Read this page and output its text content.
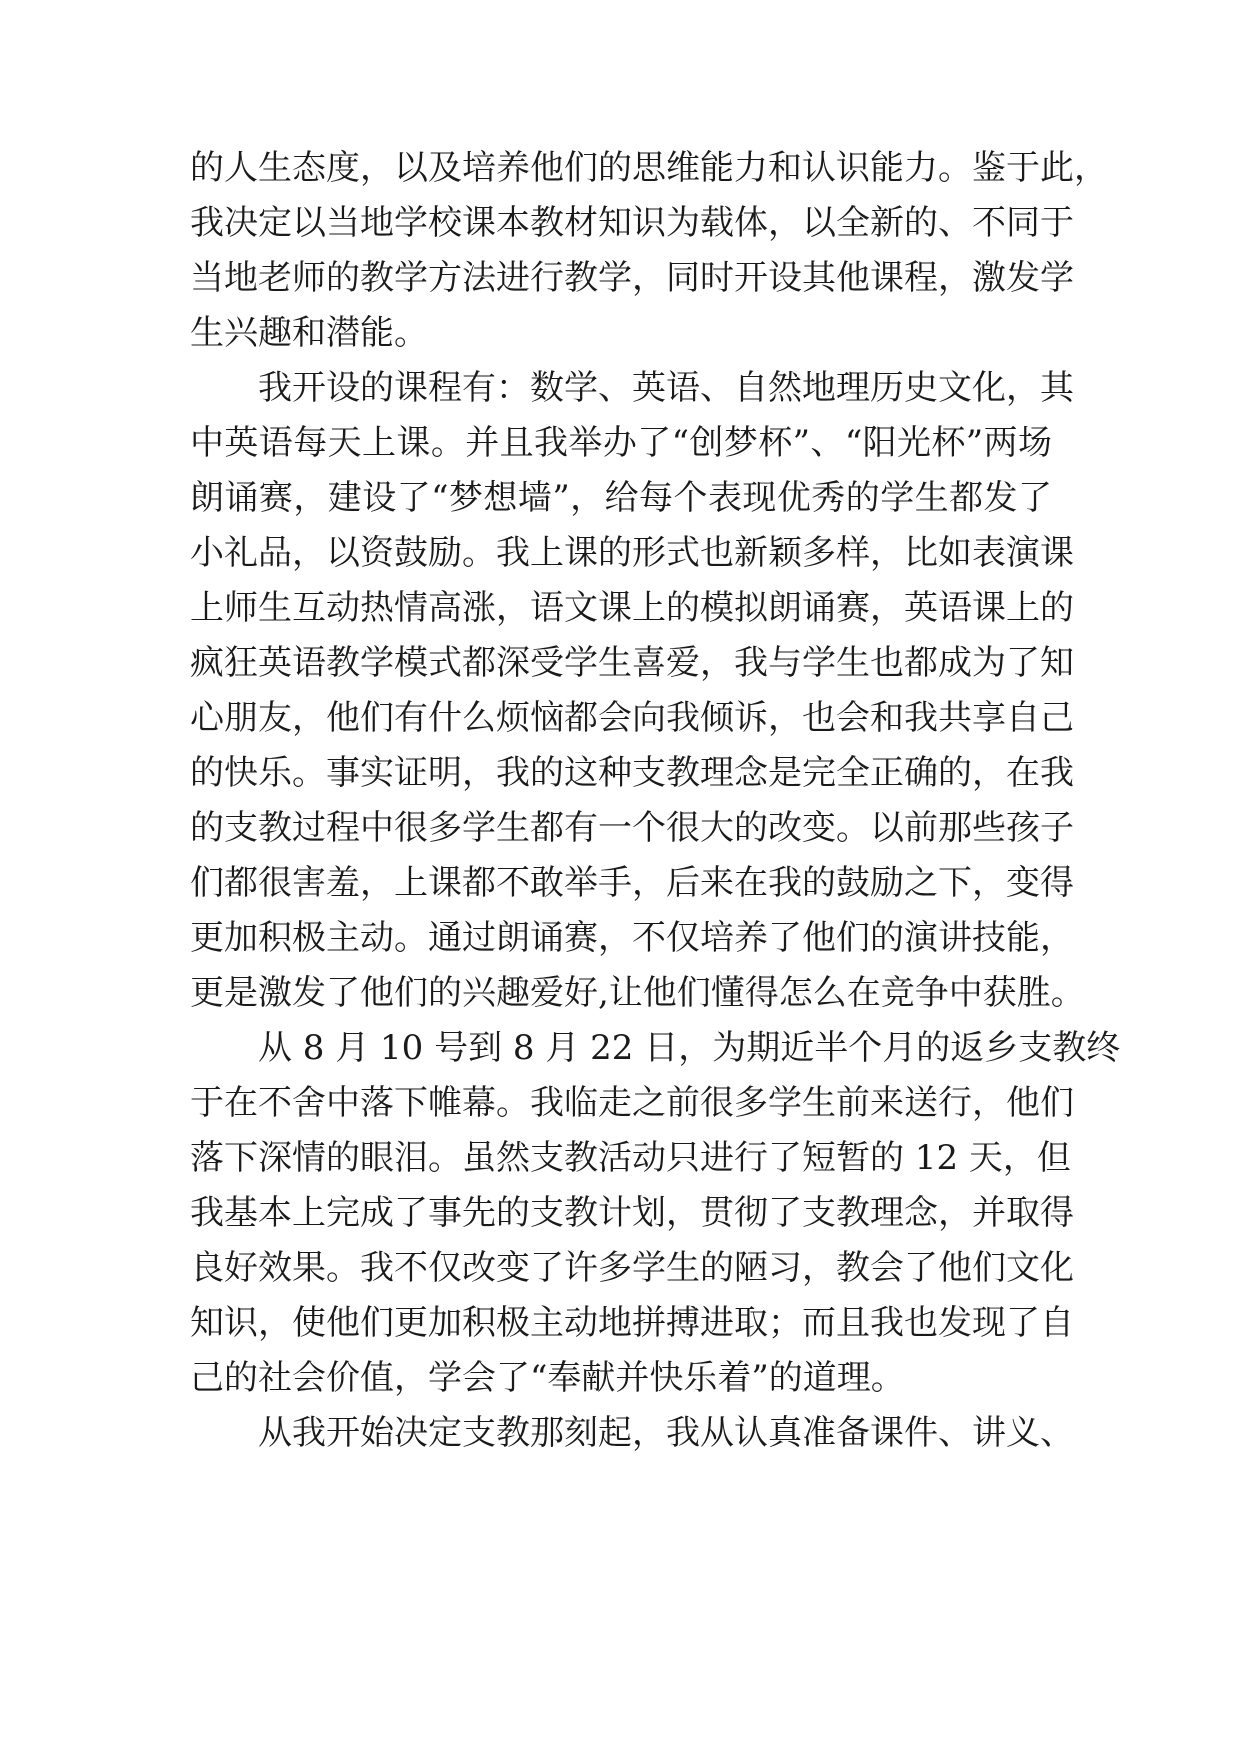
的人生态度，以及培养他们的思维能力和认识能力。鉴于此，
我决定以当地学校课本教材知识为载体，以全新的、不同于
当地老师的教学方法进行教学，同时开设其他课程，激发学
生兴趣和潜能。
我开设的课程有：数学、英语、自然地理历史文化，其
中英语每天上课。并且我举办了“创梦杯”、“阳光杯”两场
朗诵赛，建设了“梦想墙”，给每个表现优秀的学生都发了
小礼品，以资鼓励。我上课的形式也新颖多样，比如表演课
上师生互动热情高涨，语文课上的模拟朗诵赛，英语课上的
疯狂英语教学模式都深受学生喜爱，我与学生也都成为了知
心朋友，他们有什么烦恼都会向我倾诉，也会和我共享自己
的快乐。事实证明，我的这种支教理念是完全正确的，在我
的支教过程中很多学生都有一个很大的改变。以前那些孩子
们都很害羞，上课都不敢举手，后来在我的鼓励之下，变得
更加积极主动。通过朗诵赛，不仅培养了他们的演讲技能，
更是激发了他们的兴趣爱好,让他们懂得怎么在竞争中获胜。
从 8 月 10 号到 8 月 22 日，为期近半个月的返乡支教终
于在不舍中落下帷幕。我临走之前很多学生前来送行，他们
落下深情的眼泪。虽然支教活动只进行了短暂的 12 天，但
我基本上完成了事先的支教计划，贯彻了支教理念，并取得
良好效果。我不仅改变了许多学生的陋习，教会了他们文化
知识，使他们更加积极主动地拼搏进取；而且我也发现了自
己的社会价值，学会了“奉献并快乐着”的道理。
从我开始决定支教那刻起，我从认真准备课件、讲义、
